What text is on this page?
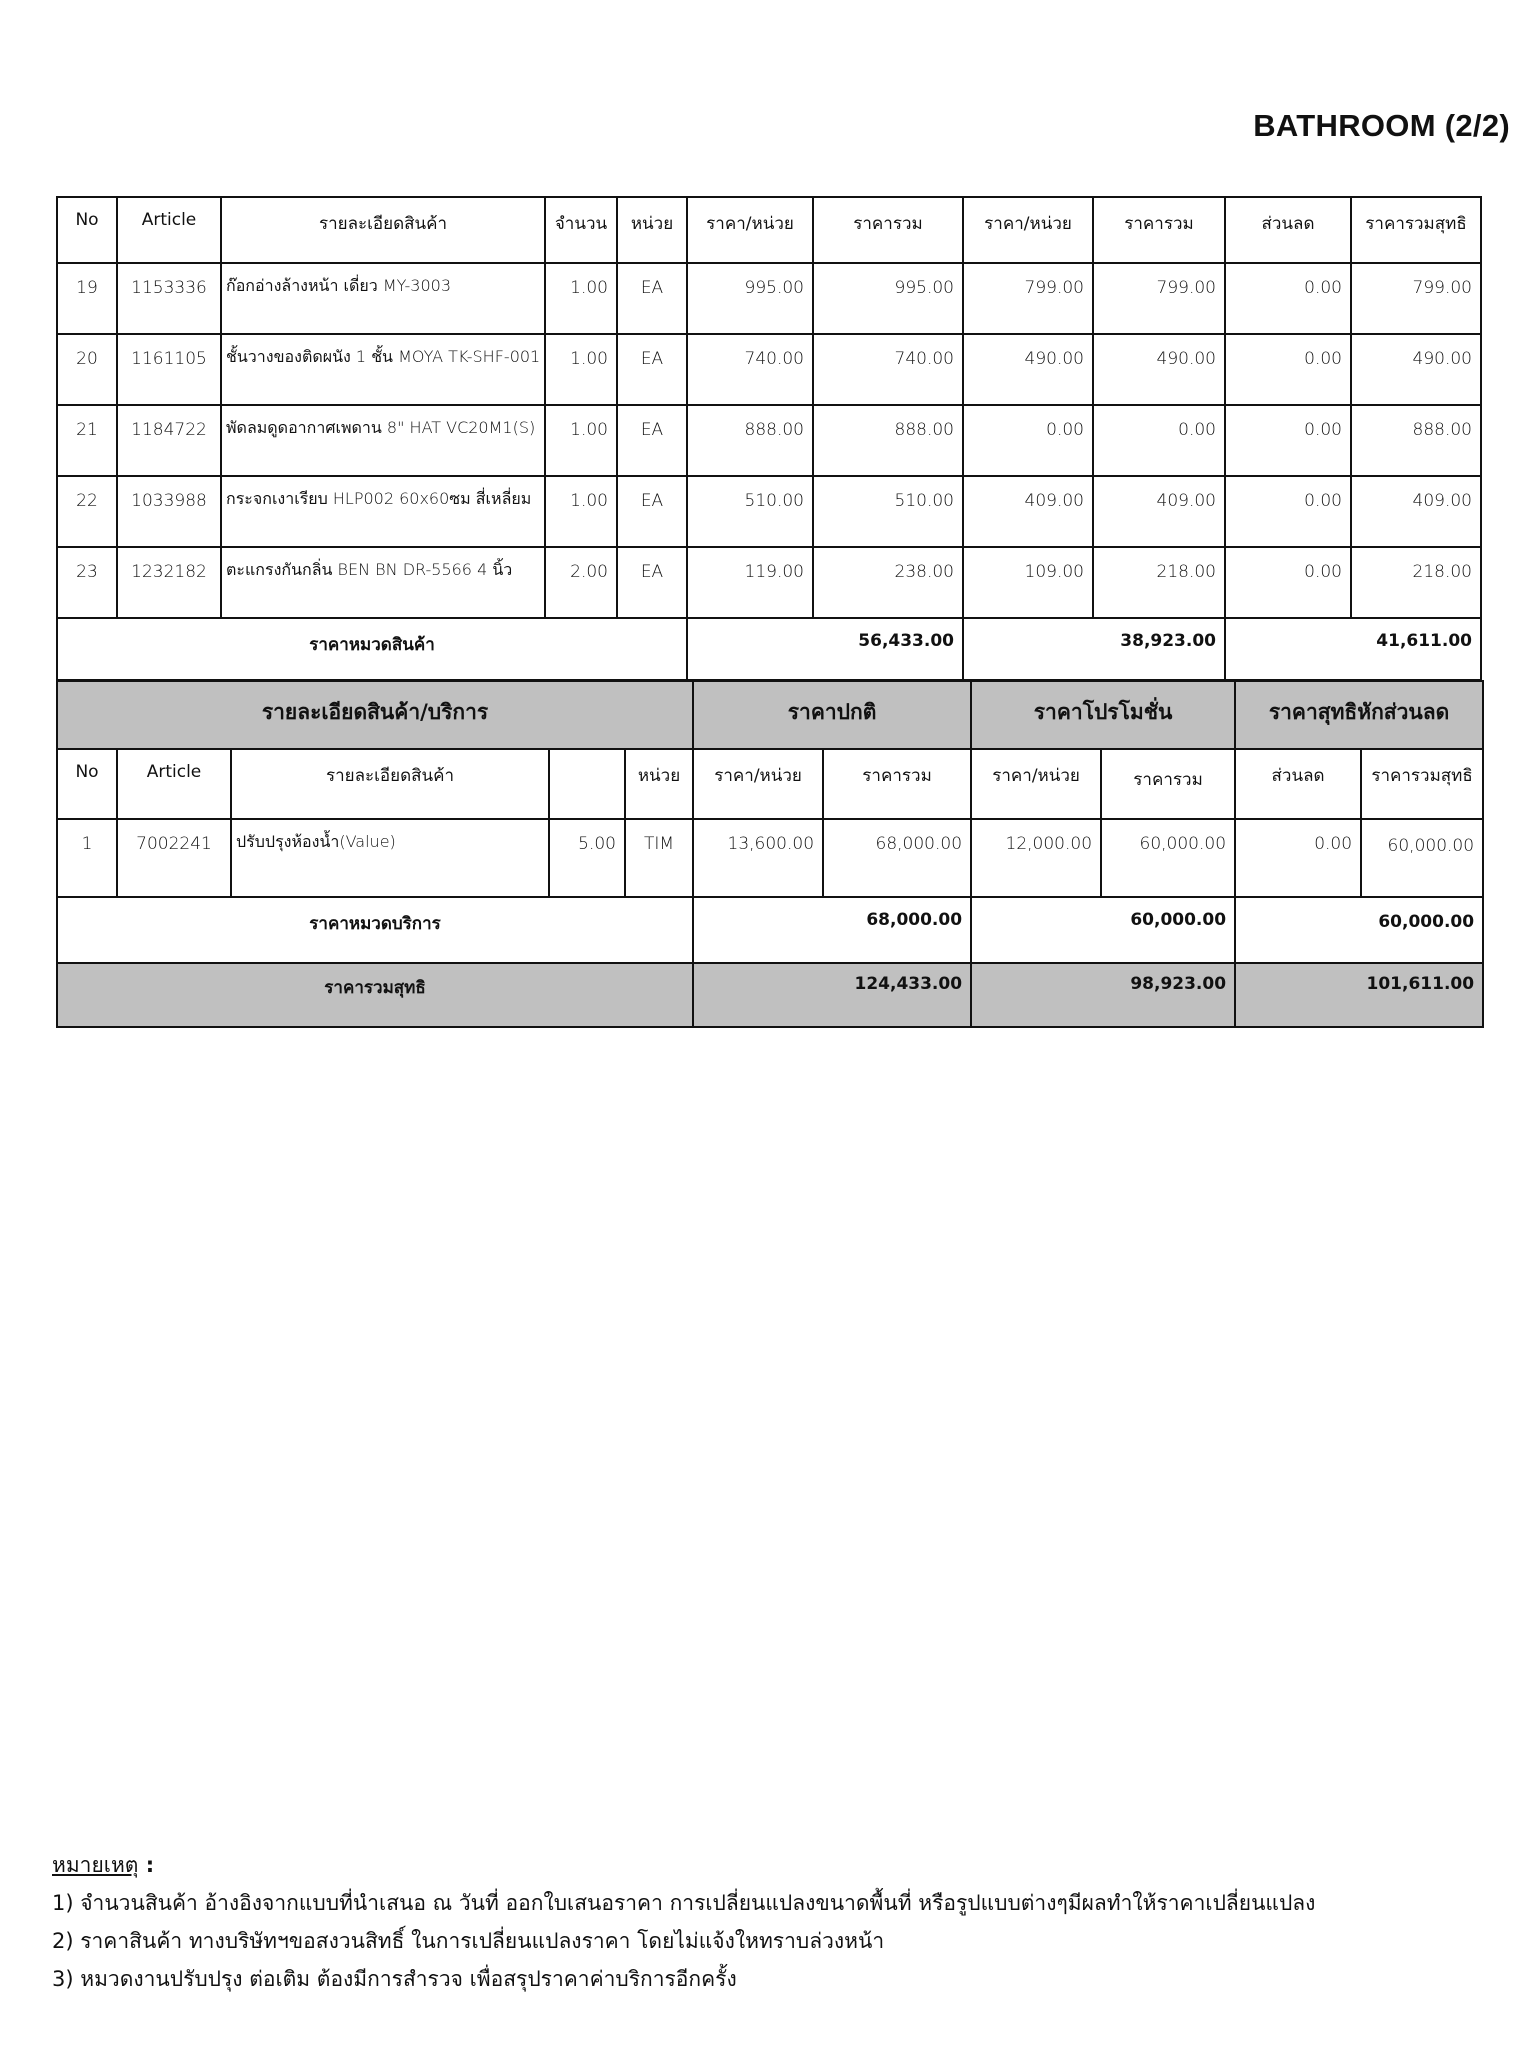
BATHROOM (2/2)
No	Article	รายละเอียดสินค้า	จำนวน	หน่วย	ราคา/หน่วย	ราคารวม	ราคา/หน่วย	ราคารวม	ส่วนลด	ราคารวมสุทธิ
19	1153336	ก๊อกอ่างล้างหน้า เดี่ยว MY-3003	1.00	EA	995.00	995.00	799.00	799.00	0.00	799.00
20	1161105	ชั้นวางของติดผนัง 1 ชั้น MOYA TK-SHF-001	1.00	EA	740.00	740.00	490.00	490.00	0.00	490.00
21	1184722	พัดลมดูดอากาศเพดาน 8" HAT VC20M1(S)	1.00	EA	888.00	888.00	0.00	0.00	0.00	888.00
22	1033988	กระจกเงาเรียบ HLP002 60x60ซม สี่เหลี่ยม	1.00	EA	510.00	510.00	409.00	409.00	0.00	409.00
23	1232182	ตะแกรงกันกลิ่น BEN BN DR-5566 4 นิ้ว	2.00	EA	119.00	238.00	109.00	218.00	0.00	218.00
ราคาหมวดสินค้า					56,433.00		38,923.00		41,611.00	
รายละเอียดสินค้า/บริการ					ราคาปกติ		ราคาโปรโมชั่น		ราคาสุทธิหักส่วนลด	
No	Article	รายละเอียดสินค้า		หน่วย	ราคา/หน่วย	ราคารวม	ราคา/หน่วย	ราคารวม	ส่วนลด	ราคารวมสุทธิ
1	7002241	ปรับปรุงห้องน้ำ(Value)	5.00	TIM	13,600.00	68,000.00	12,000.00	60,000.00	0.00	60,000.00
ราคาหมวดบริการ					68,000.00		60,000.00		60,000.00	
ราคารวมสุทธิ					124,433.00		98,923.00		101,611.00	
หมายเหตุ :
1) จำนวนสินค้า อ้างอิงจากแบบที่นำเสนอ ณ วันที่ ออกใบเสนอราคา การเปลี่ยนแปลงขนาดพื้นที่ หรือรูปแบบต่างๆมีผลทำให้ราคาเปลี่ยนแปลง
2) ราคาสินค้า ทางบริษัทฯขอสงวนสิทธิ์ ในการเปลี่ยนแปลงราคา โดยไม่แจ้งใหทราบล่วงหน้า
3) หมวดงานปรับปรุง ต่อเติม ต้องมีการสำรวจ เพื่อสรุปราคาค่าบริการอีกครั้ง
